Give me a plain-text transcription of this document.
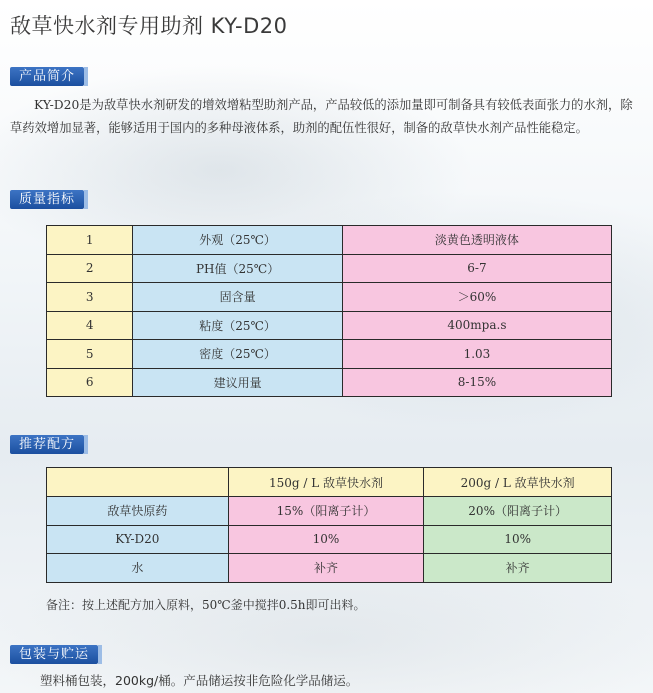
敌草快水剂专用助剂 KY-D20
产品简介
KY-D20是为敌草快水剂研发的增效增粘型助剂产品，产品较低的添加量即可制备具有较低表面张力的水剂，除草药效增加显著，能够适用于国内的多种母液体系，助剂的配伍性很好，制备的敌草快水剂产品性能稳定。
质量指标
1	外观（25℃）	淡黄色透明液体
2	PH值（25℃）	6-7
3	固含量	＞60%
4	粘度（25℃）	400mpa.s
5	密度（25℃）	1.03
6	建议用量	8-15%
推荐配方
	150g / L 敌草快水剂	200g / L 敌草快水剂
敌草快原药	15%（阳离子计）	20%（阳离子计）
KY-D20	10%	10%
水	补齐	补齐
备注：按上述配方加入原料，50℃釜中搅拌0.5h即可出料。
包装与贮运
塑料桶包装，200kg/桶。产品储运按非危险化学品储运。
